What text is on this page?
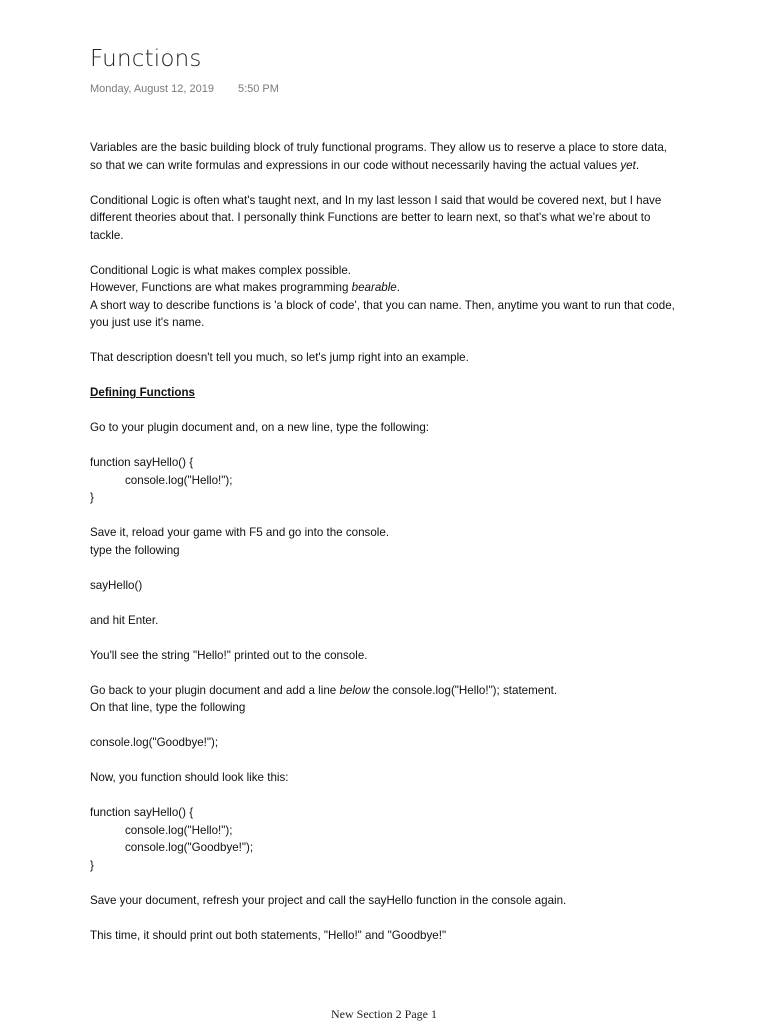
Functions
Monday, August 12, 2019 5:50 PM

Variables are the basic building block of truly functional programs. They allow us to reserve a place to store data, so that we can write formulas and expressions in our code without necessarily having the actual values yet.

Conditional Logic is often what's taught next, and In my last lesson I said that would be covered next, but I have different theories about that. I personally think Functions are better to learn next, so that's what we're about to tackle.

Conditional Logic is what makes complex possible.

However, Functions are what makes programming bearable.

A short way to describe functions is 'a block of code', that you can name. Then, anytime you want to run that code, you just use it's name.

That description doesn't tell you much, so let's jump right into an example.

Defining Functions

Go to your plugin document and, on a new line, type the following:

function sayHello() {

console.log("Hello!");

}

Save it, reload your game with F5 and go into the console.

type the following

sayHello()

and hit Enter.

You'll see the string "Hello!" printed out to the console.

Go back to your plugin document and add a line below the console.log("Hello!"); statement.

On that line, type the following

console.log("Goodbye!");

Now, you function should look like this:

function sayHello() {

console.log("Hello!");

console.log("Goodbye!");

}

Save your document, refresh your project and call the sayHello function in the console again.

This time, it should print out both statements, "Hello!" and "Goodbye!"

New Section 2 Page 1
